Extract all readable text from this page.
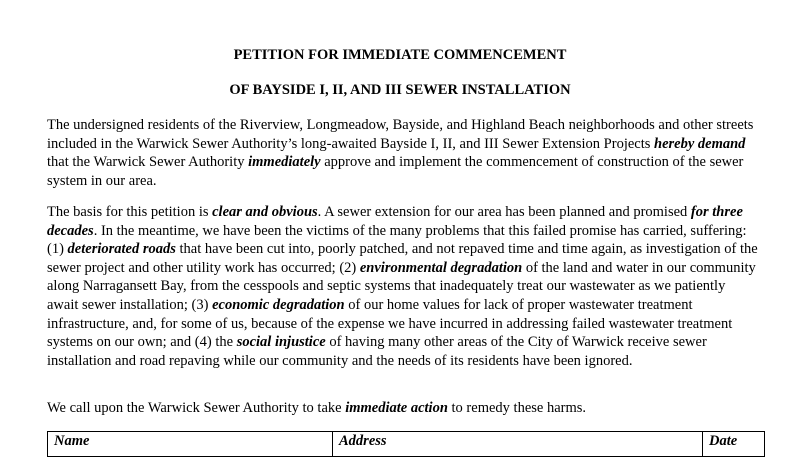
PETITION FOR IMMEDIATE COMMENCEMENT
OF BAYSIDE I, II, AND III SEWER INSTALLATION

The undersigned residents of the Riverview, Longmeadow, Bayside, and Highland Beach neighborhoods and other streets included in the Warwick Sewer Authority’s long-awaited Bayside I, II, and III Sewer Extension Projects hereby demand that the Warwick Sewer Authority immediately approve and implement the commencement of construction of the sewer system in our area.

The basis for this petition is clear and obvious. A sewer extension for our area has been planned and promised for three decades. In the meantime, we have been the victims of the many problems that this failed promise has carried, suffering: (1) deteriorated roads that have been cut into, poorly patched, and not repaved time and time again, as investigation of the sewer project and other utility work has occurred; (2) environmental degradation of the land and water in our community along Narragansett Bay, from the cesspools and septic systems that inadequately treat our wastewater as we patiently await sewer installation; (3) economic degradation of our home values for lack of proper wastewater treatment infrastructure, and, for some of us, because of the expense we have incurred in addressing failed wastewater treatment systems on our own; and (4) the social injustice of having many other areas of the City of Warwick receive sewer installation and road repaving while our community and the needs of its residents have been ignored.

We call upon the Warwick Sewer Authority to take immediate action to remedy these harms.

Name	Address	Date
